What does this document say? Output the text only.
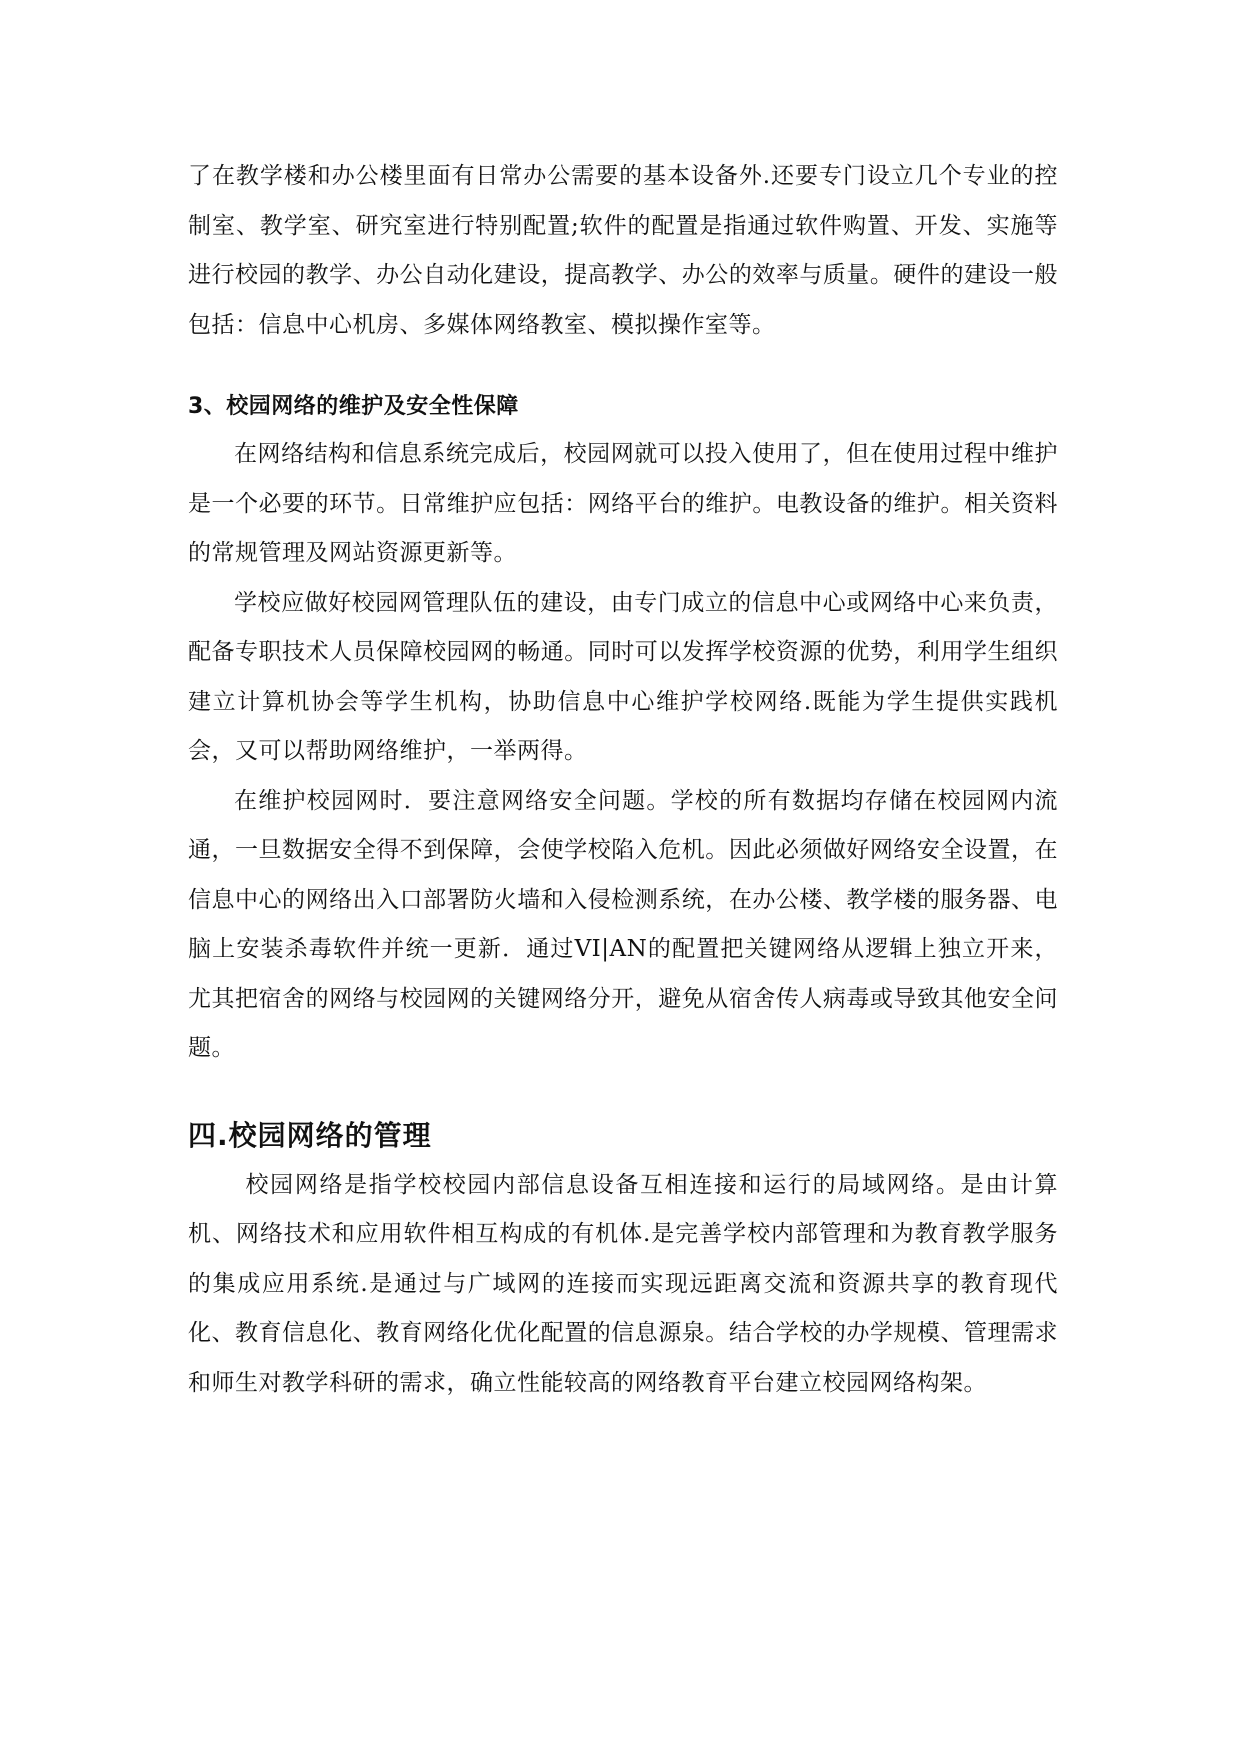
了在教学楼和办公楼里面有日常办公需要的基本设备外.还要专门设立几个专业的控制室、教学室、研究室进行特别配置;软件的配置是指通过软件购置、开发、实施等进行校园的教学、办公自动化建设，提高教学、办公的效率与质量。硬件的建设一般包括：信息中心机房、多媒体网络教室、模拟操作室等。

3、校园网络的维护及安全性保障

在网络结构和信息系统完成后，校园网就可以投入使用了，但在使用过程中维护是一个必要的环节。日常维护应包括：网络平台的维护。电教设备的维护。相关资料的常规管理及网站资源更新等。

学校应做好校园网管理队伍的建设，由专门成立的信息中心或网络中心来负责，配备专职技术人员保障校园网的畅通。同时可以发挥学校资源的优势，利用学生组织建立计算机协会等学生机构，协助信息中心维护学校网络.既能为学生提供实践机会，又可以帮助网络维护，一举两得。

在维护校园网时．要注意网络安全问题。学校的所有数据均存储在校园网内流通，一旦数据安全得不到保障，会使学校陷入危机。因此必须做好网络安全设置，在信息中心的网络出入口部署防火墙和入侵检测系统，在办公楼、教学楼的服务器、电脑上安装杀毒软件并统一更新．通过VI|AN的配置把关键网络从逻辑上独立开来，尤其把宿舍的网络与校园网的关键网络分开，避免从宿舍传人病毒或导致其他安全问题。

四.校园网络的管理

校园网络是指学校校园内部信息设备互相连接和运行的局域网络。是由计算机、网络技术和应用软件相互构成的有机体.是完善学校内部管理和为教育教学服务的集成应用系统.是通过与广域网的连接而实现远距离交流和资源共享的教育现代化、教育信息化、教育网络化优化配置的信息源泉。结合学校的办学规模、管理需求和师生对教学科研的需求，确立性能较高的网络教育平台建立校园网络构架。
